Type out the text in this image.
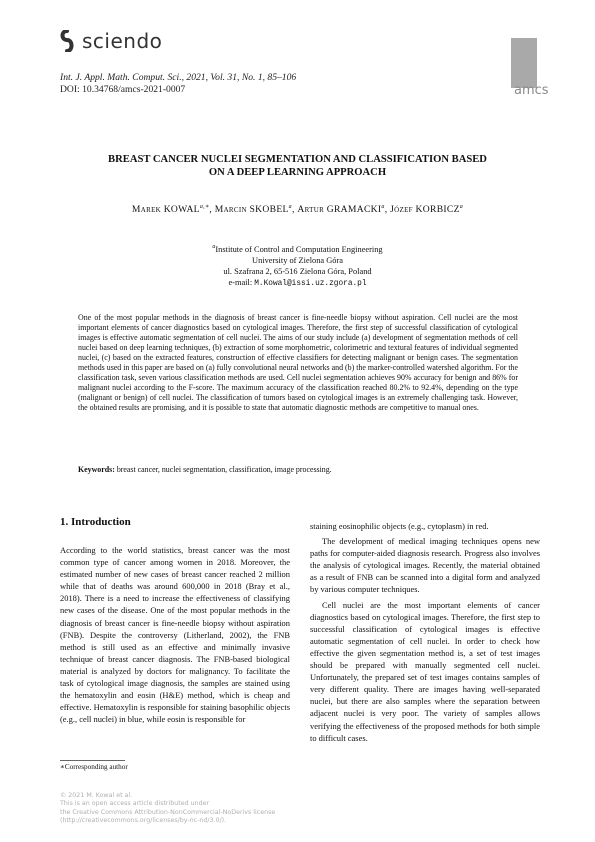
sciendo
Int. J. Appl. Math. Comput. Sci., 2021, Vol. 31, No. 1, 85–106
DOI: 10.34768/amcs-2021-0007	amcs
BREAST CANCER NUCLEI SEGMENTATION AND CLASSIFICATION BASED
ON A DEEP LEARNING APPROACH
Marek $KOWAL^{a,∗}$, Marcin SKOBEL$^a$, Artur GRAMACKI$^a$, Józef KORBICZ$^a$
$^a$Institute of Control and Computation Engineering
University of Zielona Góra
ul. Szafrana 2, 65-516 Zielona Góra, Poland
e-mail: M.Kowal@issi.uz.zgora.pl
One of the most popular methods in the diagnosis of breast cancer is fine-needle biopsy without aspiration. Cell nuclei are the most important elements of cancer diagnostics based on cytological images. Therefore, the first step of successful classification of cytological images is effective automatic segmentation of cell nuclei. The aims of our study include (a) development of segmentation methods of cell nuclei based on deep learning techniques, (b) extraction of some morphometric, colorimetric and textural features of individual segmented nuclei, (c) based on the extracted features, construction of effective classifiers for detecting malignant or benign cases. The segmentation methods used in this paper are based on (a) fully convolutional neural networks and (b) the marker-controlled watershed algorithm. For the classification task, seven various classification methods are used. Cell nuclei segmentation achieves 90% accuracy for benign and 86% for malignant nuclei according to the F-score. The maximum accuracy of the classification reached 80.2% to 92.4%, depending on the type (malignant or benign) of cell nuclei. The classification of tumors based on cytological images is an extremely challenging task. However, the obtained results are promising, and it is possible to state that automatic diagnostic methods are competitive to manual ones.
Keywords: breast cancer, nuclei segmentation, classification, image processing.
1. Introduction

According to the world statistics, breast cancer was the most common type of cancer among women in 2018. Moreover, the estimated number of new cases of breast cancer reached 2 million while that of deaths was around 600,000 in 2018 (Bray et al., 2018). There is a need to increase the effectiveness of classifying new cases of the disease. One of the most popular methods in the diagnosis of breast cancer is fine-needle biopsy without aspiration (FNB). Despite the controversy (Litherland, 2002), the FNB method is still used as an effective and minimally invasive technique of breast cancer diagnosis. The FNB-based biological material is analyzed by doctors for malignancy. To facilitate the task of cytological image diagnosis, the samples are stained using the hematoxylin and eosin (H&E) method, which is cheap and effective. Hematoxylin is responsible for staining basophilic objects (e.g., cell nuclei) in blue, while eosin is responsible for

staining eosinophilic objects (e.g., cytoplasm) in red.

The development of medical imaging techniques opens new paths for computer-aided diagnosis research. Progress also involves the analysis of cytological images. Recently, the material obtained as a result of FNB can be scanned into a digital form and analyzed by various computer techniques.

Cell nuclei are the most important elements of cancer diagnostics based on cytological images. Therefore, the first step to successful classification of cytological images is effective automatic segmentation of cell nuclei. In order to check how effective the given segmentation method is, a set of test images should be prepared with manually segmented cell nuclei. Unfortunately, the prepared set of test images contains samples of very different quality. There are images having well-separated nuclei, but there are also samples where the separation between adjacent nuclei is very poor. The variety of samples allows verifying the effectiveness of the proposed methods for both simple to difficult cases.

∗Corresponding author
© 2021 M. Kowal et al.
This is an open access article distributed under
the Creative Commons Attribution-NonCommercial-NoDerivs license
(http://creativecommons.org/licenses/by-nc-nd/3.0/).
